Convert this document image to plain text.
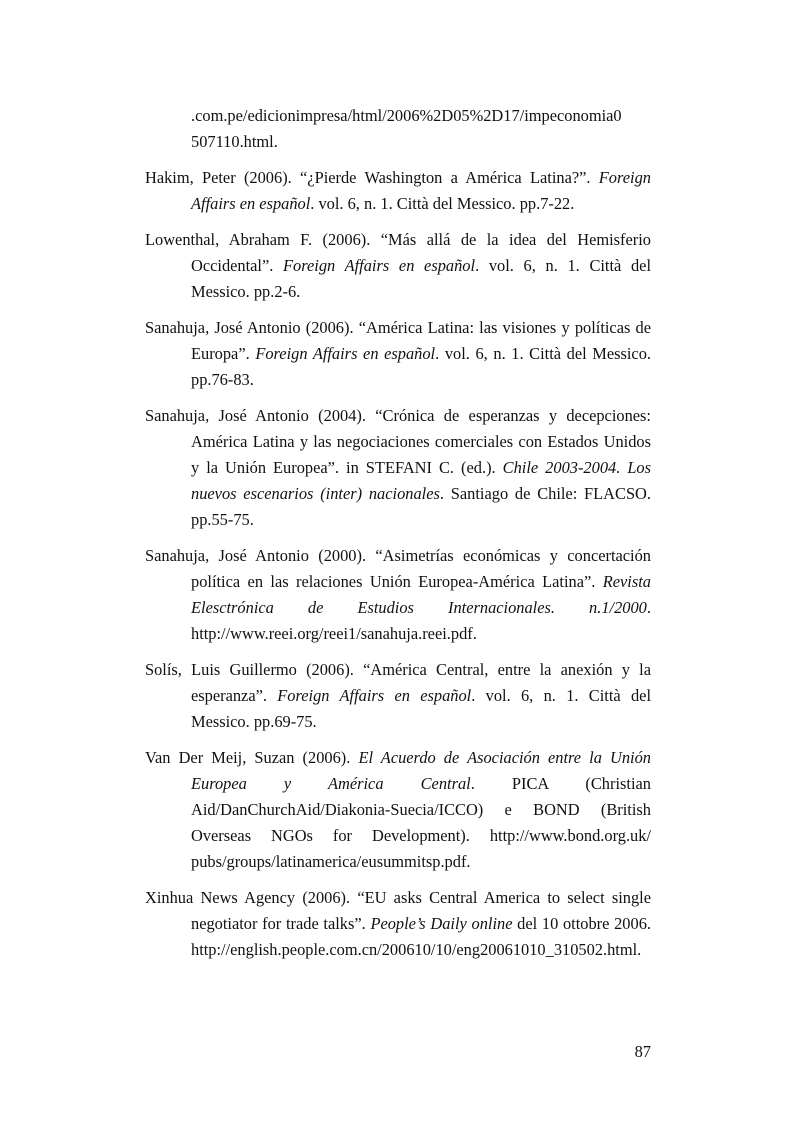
.com.pe/edicionimpresa/html/2006%2D05%2D17/impeconomia0 507110.html.

Hakim, Peter (2006). “¿Pierde Washington a América Latina?”. Foreign Affairs en español. vol. 6, n. 1. Città del Messico. pp.7-22.

Lowenthal, Abraham F. (2006). “Más allá de la idea del Hemisferio Occidental”. Foreign Affairs en español. vol. 6, n. 1. Città del Messico. pp.2-6.

Sanahuja, José Antonio (2006). “América Latina: las visiones y políticas de Europa”. Foreign Affairs en español. vol. 6, n. 1. Città del Messico. pp.76-83.

Sanahuja, José Antonio (2004). “Crónica de esperanzas y decepciones: América Latina y las negociaciones comerciales con Estados Unidos y la Unión Europea”. in STEFANI C. (ed.). Chile 2003-2004. Los nuevos escenarios (inter) nacionales. Santiago de Chile: FLACSO. pp.55-75.

Sanahuja, José Antonio (2000). “Asimetrías económicas y concertación política en las relaciones Unión Europea-América Latina”. Revista Elesctrónica de Estudios Internacionales. n.1/2000. http://www.reei.org/reei1/sanahuja.reei.pdf.

Solís, Luis Guillermo (2006). “América Central, entre la anexión y la esperanza”. Foreign Affairs en español. vol. 6, n. 1. Città del Messico. pp.69-75.

Van Der Meij, Suzan (2006). El Acuerdo de Asociación entre la Unión Europea y América Central. PICA (Christian Aid/DanChurchAid/Diakonia-Suecia/ICCO) e BOND (British Overseas NGOs for Development). http://www.bond.org.uk/ pubs/groups/latinamerica/eusummitsp.pdf.

Xinhua News Agency (2006). “EU asks Central America to select single negotiator for trade talks”. People’s Daily online del 10 ottobre 2006. http://english.people.com.cn/200610/10/eng20061010_310502.html.

87
